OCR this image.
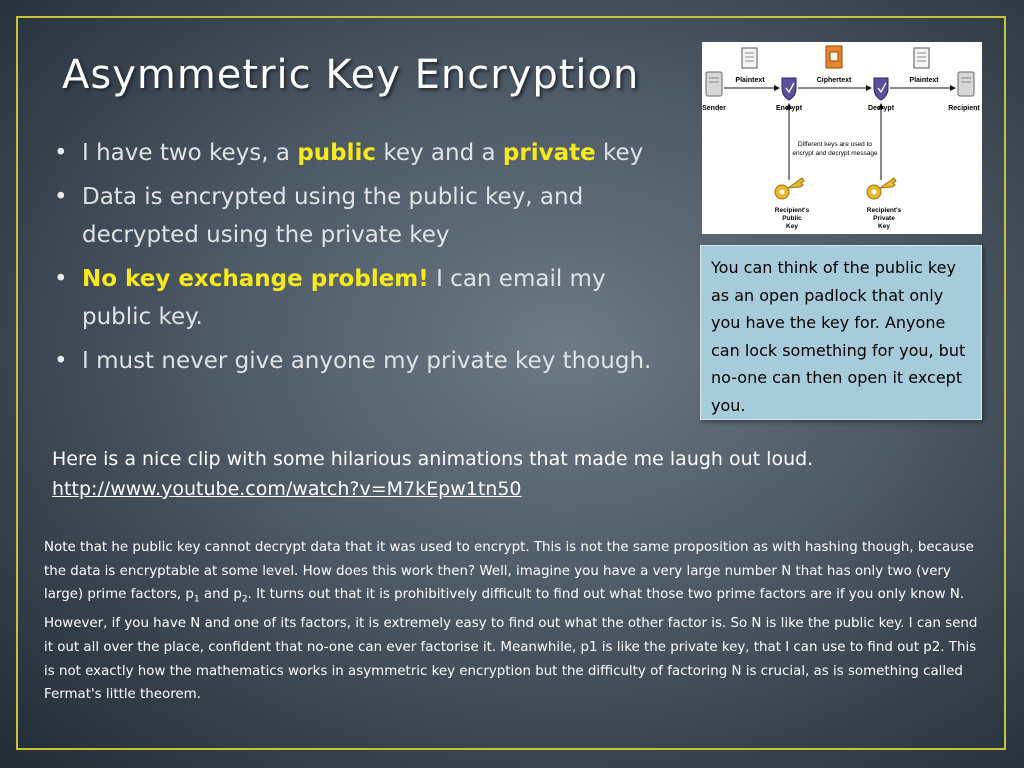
Asymmetric Key Encryption
• I have two keys, a public key and a private key
• Data is encrypted using the public key, and decrypted using the private key
• No key exchange problem! I can email my public key.
• I must never give anyone my private key though.
Plaintext	Ciphertext	Plaintext
Sender	Encrypt	Decrypt	Recipient
Different keys are used to
encrypt and decrypt message
Recipient's
Public
Key
Recipient's
Private
Key
You can think of the public key as an open padlock that only you have the key for. Anyone can lock something for you, but no-one can then open it except you.
Here is a nice clip with some hilarious animations that made me laugh out loud.
http://www.youtube.com/watch?v=M7kEpw1tn50
Note that he public key cannot decrypt data that it was used to encrypt. This is not the same proposition as with hashing though, because the data is encryptable at some level. How does this work then? Well, imagine you have a very large number N that has only two (very large) prime factors, $p_1$ and $p_2$. It turns out that it is prohibitively difficult to find out what those two prime factors are if you only know N. However, if you have N and one of its factors, it is extremely easy to find out what the other factor is. So N is like the public key. I can send it out all over the place, confident that no-one can ever factorise it. Meanwhile, p1 is like the private key, that I can use to find out p2. This is not exactly how the mathematics works in asymmetric key encryption but the difficulty of factoring N is crucial, as is something called Fermat's little theorem.
